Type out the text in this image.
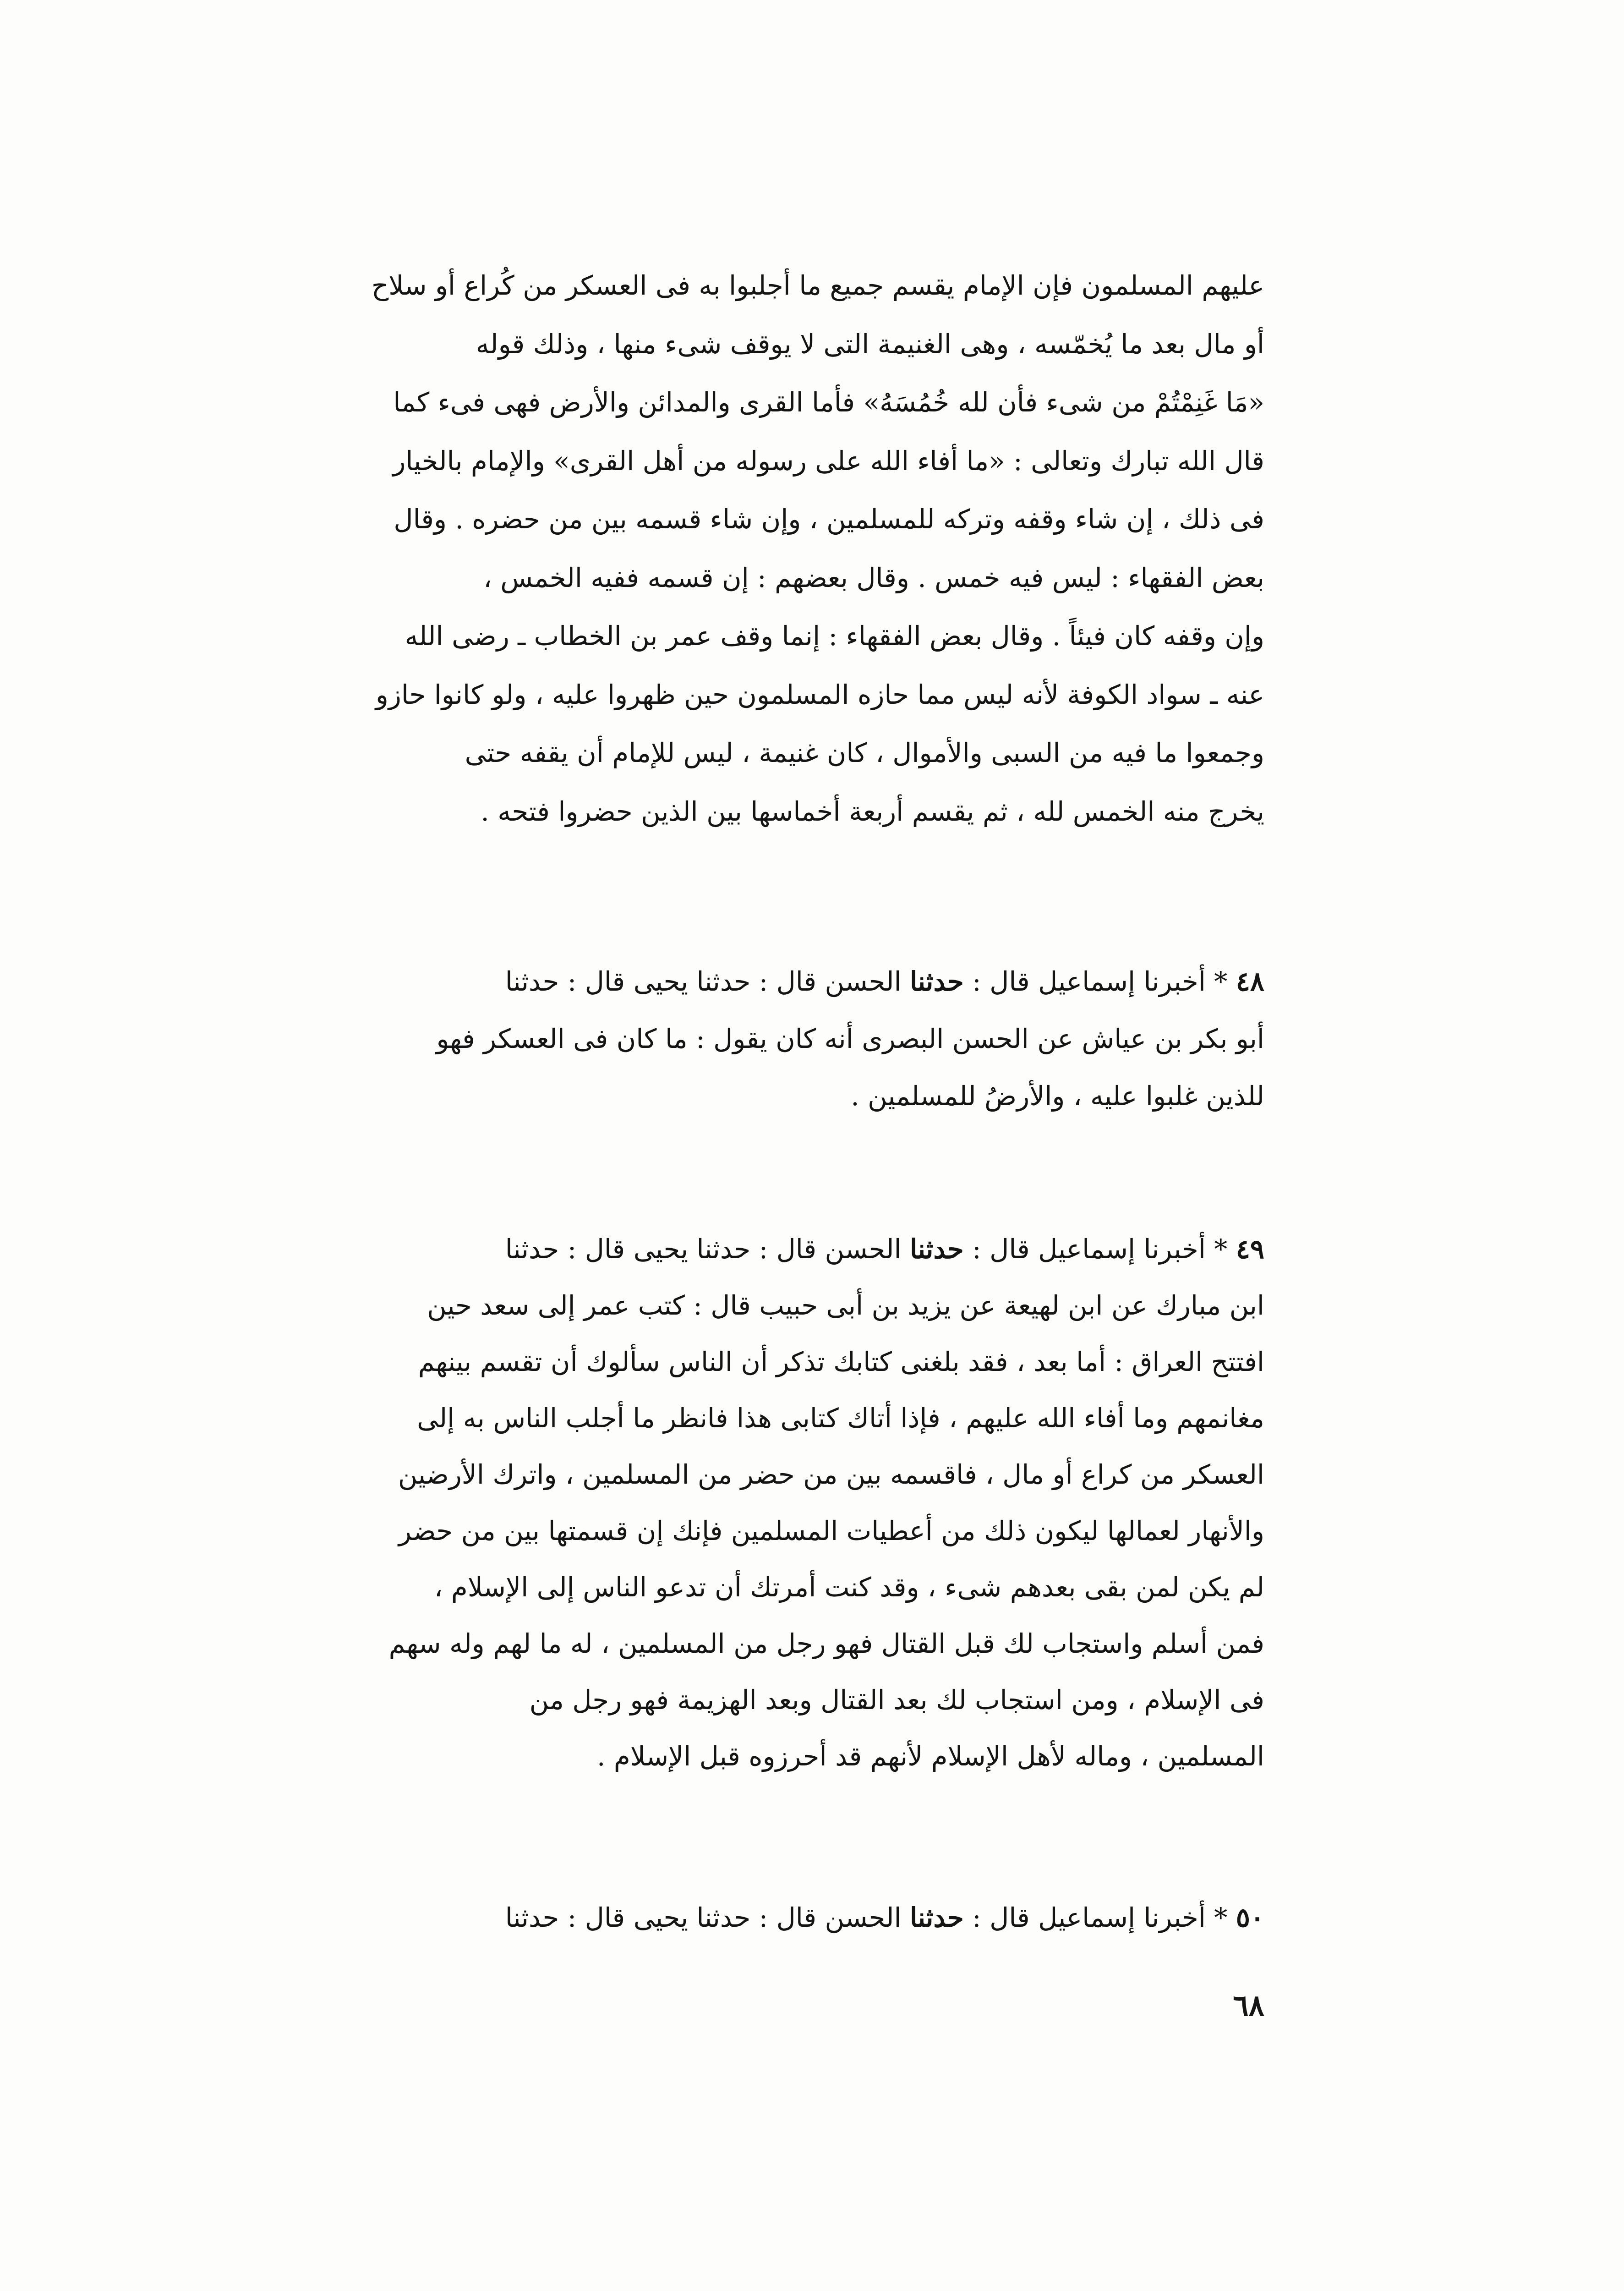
عليهم المسلمون فإن الإمام يقسم جميع ما أجلبوا به فى العسكر من كُراع أو سلاح

أو مال بعد ما يُخمّسه ، وهى الغنيمة التى لا يوقف شىء منها ، وذلك قوله

«مَا غَنِمْتُمْ من شىء فأن لله خُمُسَهُ» فأما القرى والمدائن والأرض فهى فىء كما

قال الله تبارك وتعالى : «ما أفاء الله على رسوله من أهل القرى» والإمام بالخيار

فى ذلك ، إن شاء وقفه وتركه للمسلمين ، وإن شاء قسمه بين من حضره . وقال

بعض الفقهاء : ليس فيه خمس . وقال بعضهم : إن قسمه ففيه الخمس ،

وإن وقفه كان فيئاً . وقال بعض الفقهاء : إنما وقف عمر بن الخطاب ـ رضى الله

عنه ـ سواد الكوفة لأنه ليس مما حازه المسلمون حين ظهروا عليه ، ولو كانوا حازو

وجمعوا ما فيه من السبى والأموال ، كان غنيمة ، ليس للإمام أن يقفه حتى

يخرج منه الخمس لله ، ثم يقسم أربعة أخماسها بين الذين حضروا فتحه .

٤٨ * أخبرنا إسماعيل قال : حدثنا الحسن قال : حدثنا يحيى قال : حدثنا

أبو بكر بن عياش عن الحسن البصرى أنه كان يقول : ما كان فى العسكر فهو

للذين غلبوا عليه ، والأرضُ للمسلمين .

٤٩ * أخبرنا إسماعيل قال : حدثنا الحسن قال : حدثنا يحيى قال : حدثنا

ابن مبارك عن ابن لهيعة عن يزيد بن أبى حبيب قال : كتب عمر إلى سعد حين

افتتح العراق : أما بعد ، فقد بلغنى كتابك تذكر أن الناس سألوك أن تقسم بينهم

مغانمهم وما أفاء الله عليهم ، فإذا أتاك كتابى هذا فانظر ما أجلب الناس به إلى

العسكر من كراع أو مال ، فاقسمه بين من حضر من المسلمين ، واترك الأرضين

والأنهار لعمالها ليكون ذلك من أعطيات المسلمين فإنك إن قسمتها بين من حضر

لم يكن لمن بقى بعدهم شىء ، وقد كنت أمرتك أن تدعو الناس إلى الإسلام ،

فمن أسلم واستجاب لك قبل القتال فهو رجل من المسلمين ، له ما لهم وله سهم

فى الإسلام ، ومن استجاب لك بعد القتال وبعد الهزيمة فهو رجل من

المسلمين ، وماله لأهل الإسلام لأنهم قد أحرزوه قبل الإسلام .

٥٠ * أخبرنا إسماعيل قال : حدثنا الحسن قال : حدثنا يحيى قال : حدثنا

٦٨
